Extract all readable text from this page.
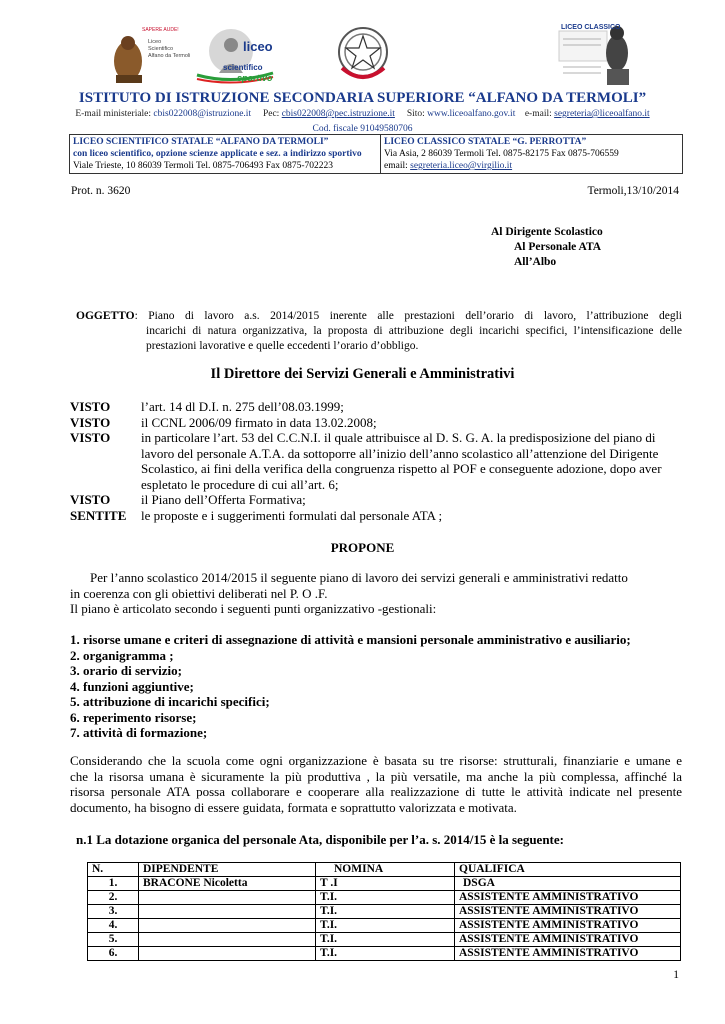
SAPERE AUDE!
Liceo
Scientifico
Alfano da Termoli
liceo
scientifico
sportivo
LICEO CLASSICO
ISTITUTO DI ISTRUZIONE SECONDARIA SUPERIORE “ALFANO DA TERMOLI”
E-mail ministeriale: cbis022008@istruzione.it Pec: cbis022008@pec.istruzione.it Sito: www.liceoalfano.gov.it e-mail: segreteria@liceoalfano.it
Cod. fiscale 91049580706
LICEO SCIENTIFICO STATALE “ALFANO DA TERMOLI”
con liceo scientifico, opzione scienze applicate e sez. a indirizzo sportivo
Viale Trieste, 10 86039 Termoli Tel. 0875-706493 Fax 0875-702223

LICEO CLASSICO STATALE “G. PERROTTA”
Via Asia, 2 86039 Termoli Tel. 0875-82175 Fax 0875-706559
email: segreteria.liceo@virgilio.it
Prot. n. 3620	Termoli,13/10/2014
Al Dirigente Scolastico
Al Personale ATA
All’Albo
OGGETTO: Piano di lavoro a.s. 2014/2015 inerente alle prestazioni dell’orario di lavoro, l’attribuzione degli
incarichi di natura organizzativa, la proposta di attribuzione degli incarichi specifici, l’intensificazione delle
prestazioni lavorative e quelle eccedenti l’orario d’obbligo.
Il Direttore dei Servizi Generali e Amministrativi
VISTO l’art. 14 dl D.I. n. 275 dell’08.03.1999;
VISTO il CCNL 2006/09 firmato in data 13.02.2008;
VISTO in particolare l’art. 53 del C.C.N.I. il quale attribuisce al D. S. G. A. la predisposizione del piano di
lavoro del personale A.T.A. da sottoporre all’inizio dell’anno scolastico all’attenzione del Dirigente
Scolastico, ai fini della verifica della congruenza rispetto al POF e conseguente adozione, dopo aver
espletato le procedure di cui all’art. 6;
VISTO il Piano dell’Offerta Formativa;
SENTITE le proposte e i suggerimenti formulati dal personale ATA ;
PROPONE
Per l’anno scolastico 2014/2015 il seguente piano di lavoro dei servizi generali e amministrativi redatto
in coerenza con gli obiettivi deliberati nel P. O .F.
Il piano è articolato secondo i seguenti punti organizzativo -gestionali:
1. risorse umane e criteri di assegnazione di attività e mansioni personale amministrativo e ausiliario;
2. organigramma ;
3. orario di servizio;
4. funzioni aggiuntive;
5. attribuzione di incarichi specifici;
6. reperimento risorse;
7. attività di formazione;
Considerando che la scuola come ogni organizzazione è basata su tre risorse: strutturali, finanziarie e umane e
che la risorsa umana è sicuramente la più produttiva , la più versatile, ma anche la più complessa, affinché la
risorsa personale ATA possa collaborare e cooperare alla realizzazione di tutte le attività indicate nel presente
documento, ha bisogno di essere guidata, formata e soprattutto valorizzata e motivata.
n.1 La dotazione organica del personale Ata, disponibile per l’a. s. 2014/15 è la seguente:
N.	DIPENDENTE	NOMINA	QUALIFICA
1.	BRACONE Nicoletta	T .I	DSGA
2.		T.I.	ASSISTENTE AMMINISTRATIVO
3.		T.I.	ASSISTENTE AMMINISTRATIVO
4.		T.I.	ASSISTENTE AMMINISTRATIVO
5.		T.I.	ASSISTENTE AMMINISTRATIVO
6.		T.I.	ASSISTENTE AMMINISTRATIVO
1
